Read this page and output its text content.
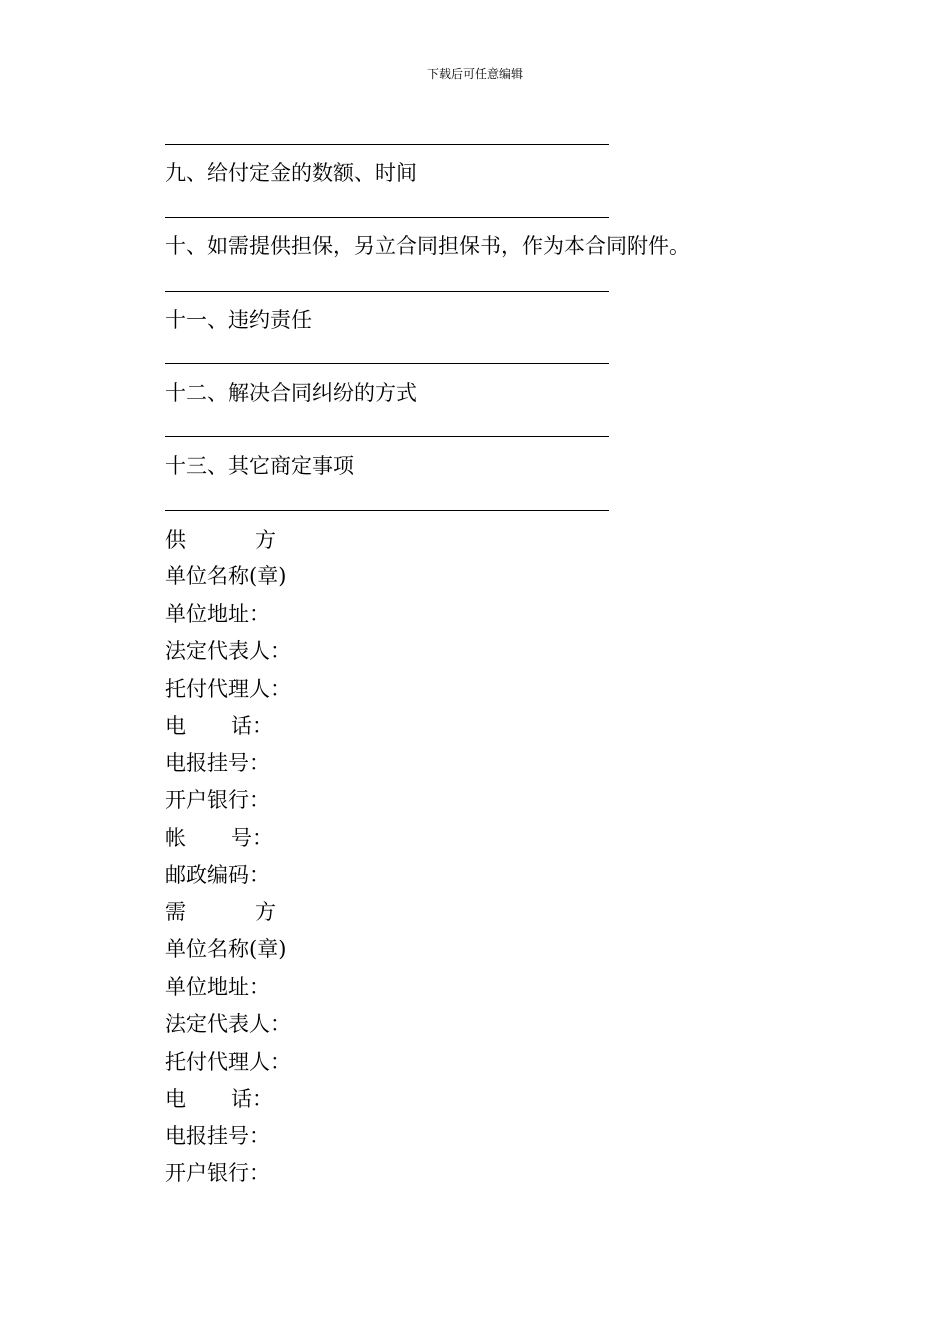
下载后可任意编辑
九、给付定金的数额、时间
十、如需提供担保，另立合同担保书，作为本合同附件。
十一、违约责任
十二、解决合同纠纷的方式
十三、其它商定事项
供	方
单位名称(章)
单位地址：
法定代表人：
托付代理人：
电 话：
电报挂号：
开户银行：
帐 号：
邮政编码：
需	方
单位名称(章)
单位地址：
法定代表人：
托付代理人：
电 话：
电报挂号：
开户银行：
